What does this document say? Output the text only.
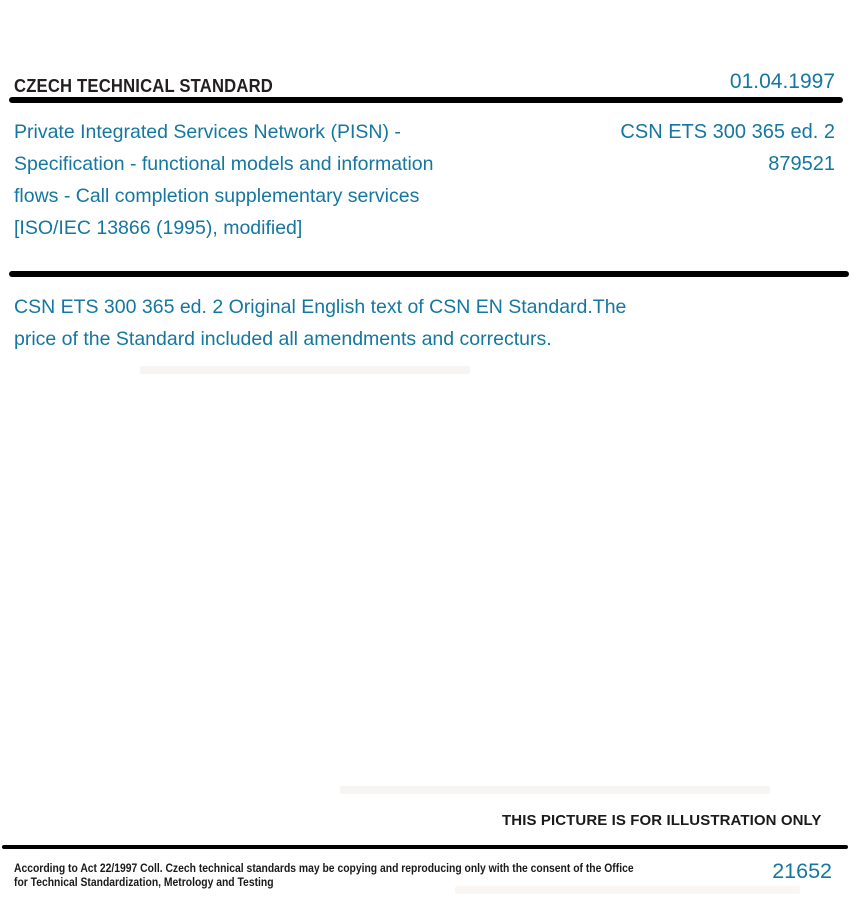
CZECH TECHNICAL STANDARD	01.04.1997
Private Integrated Services Network (PISN) -
Specification - functional models and information
flows - Call completion supplementary services
[ISO/IEC 13866 (1995), modified]
CSN ETS 300 365 ed. 2
879521
CSN ETS 300 365 ed. 2 Original English text of CSN EN Standard.The
price of the Standard included all amendments and correcturs.
THIS PICTURE IS FOR ILLUSTRATION ONLY
According to Act 22/1997 Coll. Czech technical standards may be copying and reproducing only with the consent of the Office
for Technical Standardization, Metrology and Testing	21652
